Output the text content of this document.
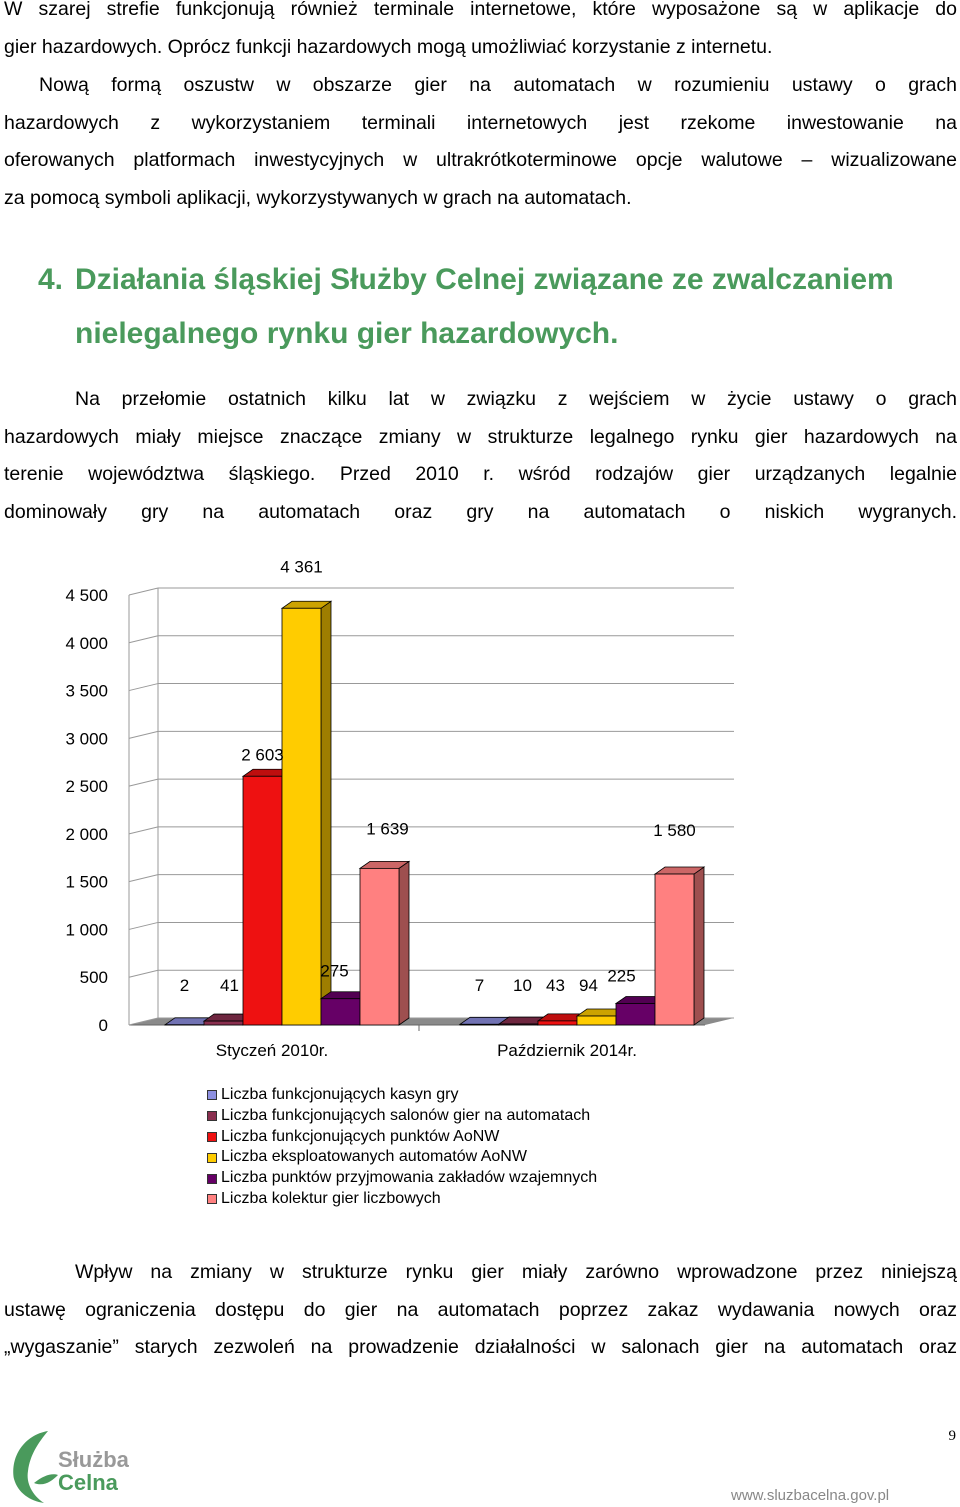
W szarej strefie funkcjonują również terminale internetowe, które wyposażone są w aplikacje do
gier hazardowych. Oprócz funkcji hazardowych mogą umożliwiać korzystanie z internetu.
Nową formą oszustw w obszarze gier na automatach w rozumieniu ustawy o grach
hazardowych z wykorzystaniem terminali internetowych jest rzekome inwestowanie na
oferowanych platformach inwestycyjnych w ultrakrótkoterminowe opcje walutowe – wizualizowane
za pomocą symboli aplikacji, wykorzystywanych w grach na automatach.
4. Działania śląskiej Służby Celnej związane ze zwalczaniem
nielegalnego rynku gier hazardowych.
Na przełomie ostatnich kilku lat w związku z wejściem w życie ustawy o grach
hazardowych miały miejsce znaczące zmiany w strukturze legalnego rynku gier hazardowych na
terenie województwa śląskiego. Przed 2010 r. wśród rodzajów gier urządzanych legalnie
dominowały gry na automatach oraz gry na automatach o niskich wygranych.
0
500
1 000
1 500
2 000
2 500
3 000
3 500
4 000
4 500
2 41
2 603
4 361
275
1 639
7 10 43 94 225
1 580
Styczeń 2010r.	Październik 2014r.
Liczba funkcjonujących kasyn gry
Liczba funkcjonujących salonów gier na automatach
Liczba funkcjonujących punktów AoNW
Liczba eksploatowanych automatów AoNW
Liczba punktów przyjmowania zakładów wzajemnych
Liczba kolektur gier liczbowych
Służba
Celna
9
www.sluzbacelna.gov.pl
Wpływ na zmiany w strukturze rynku gier miały zarówno wprowadzone przez niniejszą
ustawę ograniczenia dostępu do gier na automatach poprzez zakaz wydawania nowych oraz
„wygaszanie” starych zezwoleń na prowadzenie działalności w salonach gier na automatach oraz
